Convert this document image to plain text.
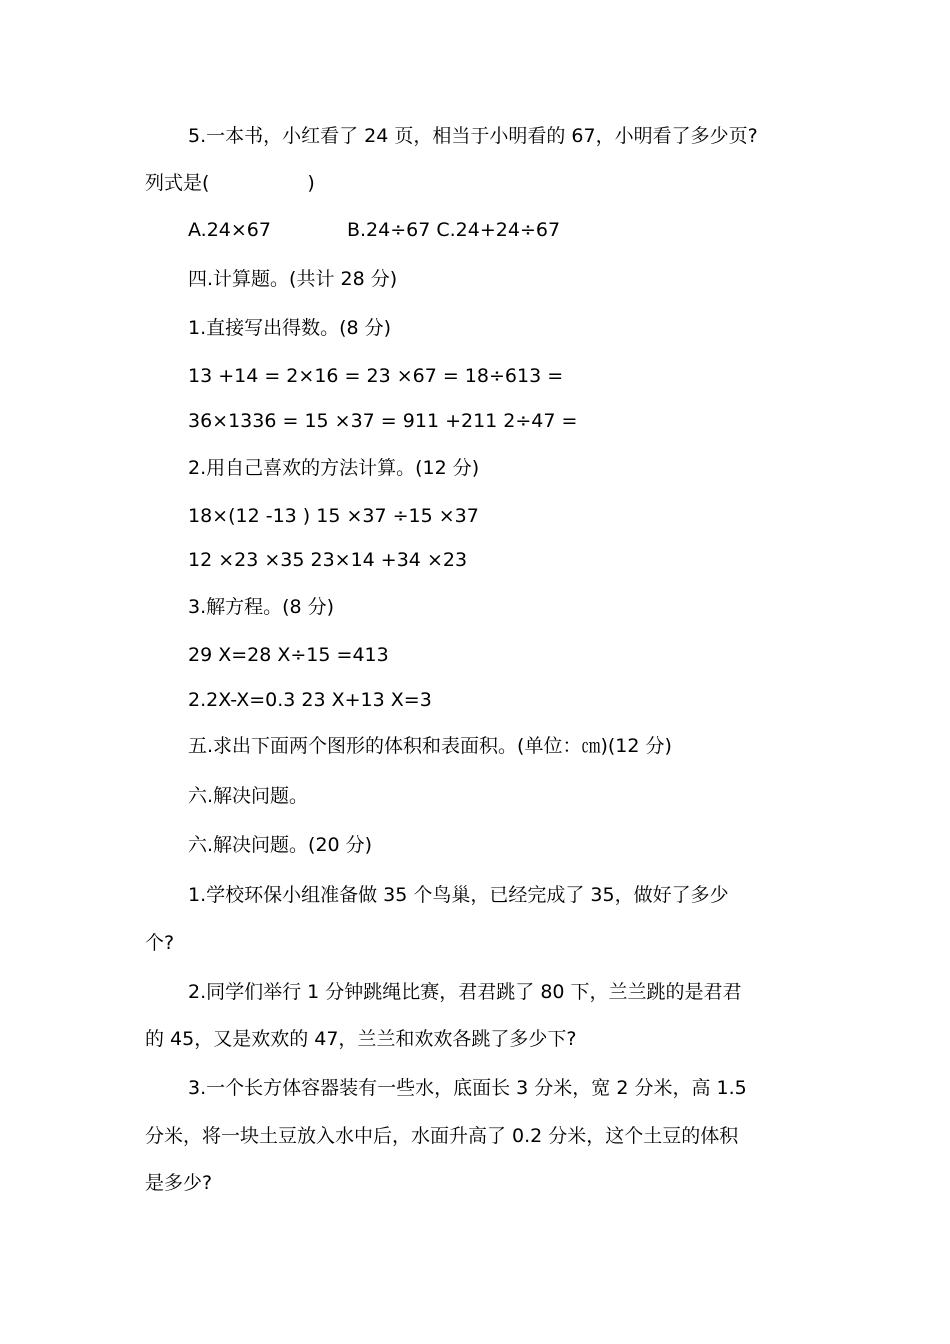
5.一本书，小红看了 24 页，相当于小明看的 67，小明看了多少页?
列式是(	)
A.24×67	B.24÷67 C.24+24÷67
四.计算题。(共计 28 分)
1.直接写出得数。(8 分)
13 +14 = 2×16 = 23 ×67 = 18÷613 =
36×1336 = 15 ×37 = 911 +211 2÷47 =
2.用自己喜欢的方法计算。(12 分)
18×(12 -13 ) 15 ×37 ÷15 ×37
12 ×23 ×35 23×14 +34 ×23
3.解方程。(8 分)
29 X=28 X÷15 =413
2.2X-X=0.3 23 X+13 X=3
五.求出下面两个图形的体积和表面积。(单位：㎝)(12 分)
六.解决问题。
六.解决问题。(20 分)
1.学校环保小组准备做 35 个鸟巢，已经完成了 35，做好了多少
个?
2.同学们举行 1 分钟跳绳比赛，君君跳了 80 下，兰兰跳的是君君
的 45，又是欢欢的 47，兰兰和欢欢各跳了多少下?
3.一个长方体容器装有一些水，底面长 3 分米，宽 2 分米，高 1.5
分米，将一块土豆放入水中后，水面升高了 0.2 分米，这个土豆的体积
是多少?
